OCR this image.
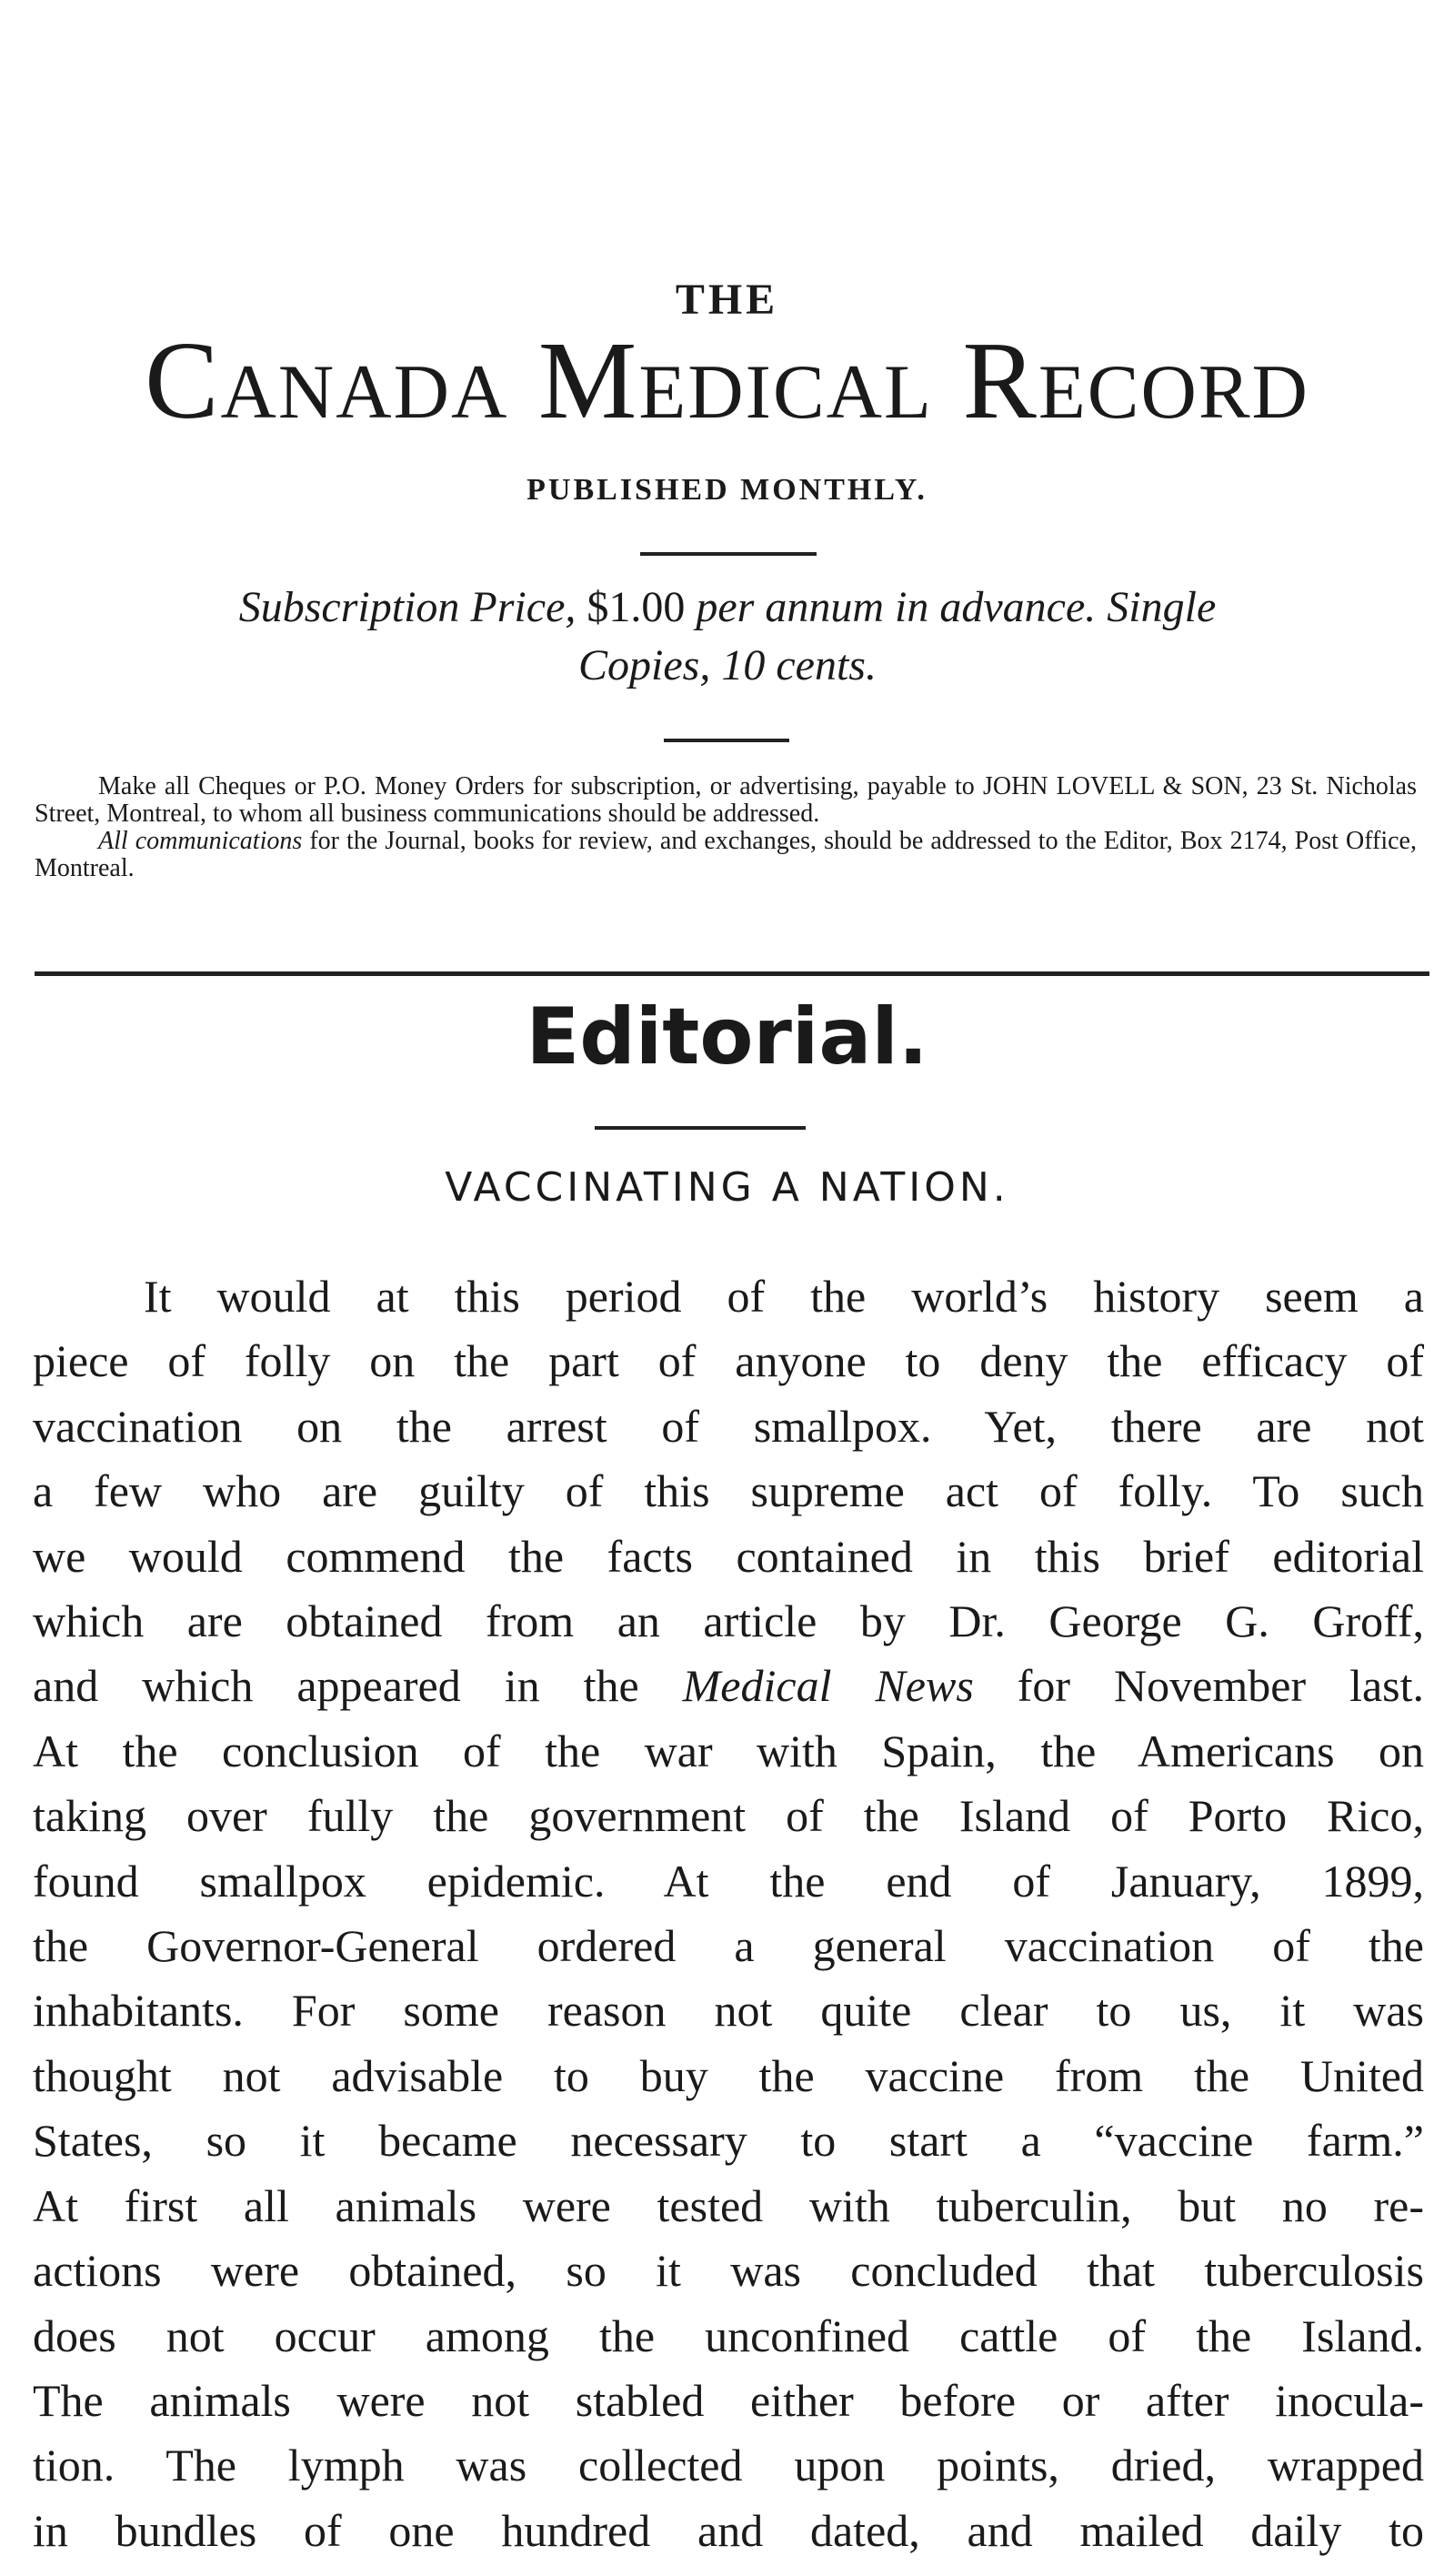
THE
Canada Medical Record
PUBLISHED MONTHLY.
Subscription Price, $1.00 per annum in advance. Single
Copies, 10 cents.

Make all Cheques or P.O. Money Orders for subscription, or advertising, payable to JOHN LOVELL & SON, 23 St. Nicholas Street, Montreal, to whom all business communications should be addressed.

All communications for the Journal, books for review, and exchanges, should be addressed to the Editor, Box 2174, Post Office, Montreal.

Editorial.
VACCINATING A NATION.
It would at this period of the world’s history seem a
piece of folly on the part of anyone to deny the efficacy of
vaccination on the arrest of smallpox. Yet, there are not
a few who are guilty of this supreme act of folly. To such
we would commend the facts contained in this brief editorial
which are obtained from an article by Dr. George G. Groff,
and which appeared in the Medical News for November last.
At the conclusion of the war with Spain, the Americans on
taking over fully the government of the Island of Porto Rico,
found smallpox epidemic. At the end of January, 1899,
the Governor-General ordered a general vaccination of the
inhabitants. For some reason not quite clear to us, it was
thought not advisable to buy the vaccine from the United
States, so it became necessary to start a “vaccine farm.”
At first all animals were tested with tuberculin, but no re-
actions were obtained, so it was concluded that tuberculosis
does not occur among the unconfined cattle of the Island.
The animals were not stabled either before or after inocula-
tion. The lymph was collected upon points, dried, wrapped
in bundles of one hundred and dated, and mailed daily to
